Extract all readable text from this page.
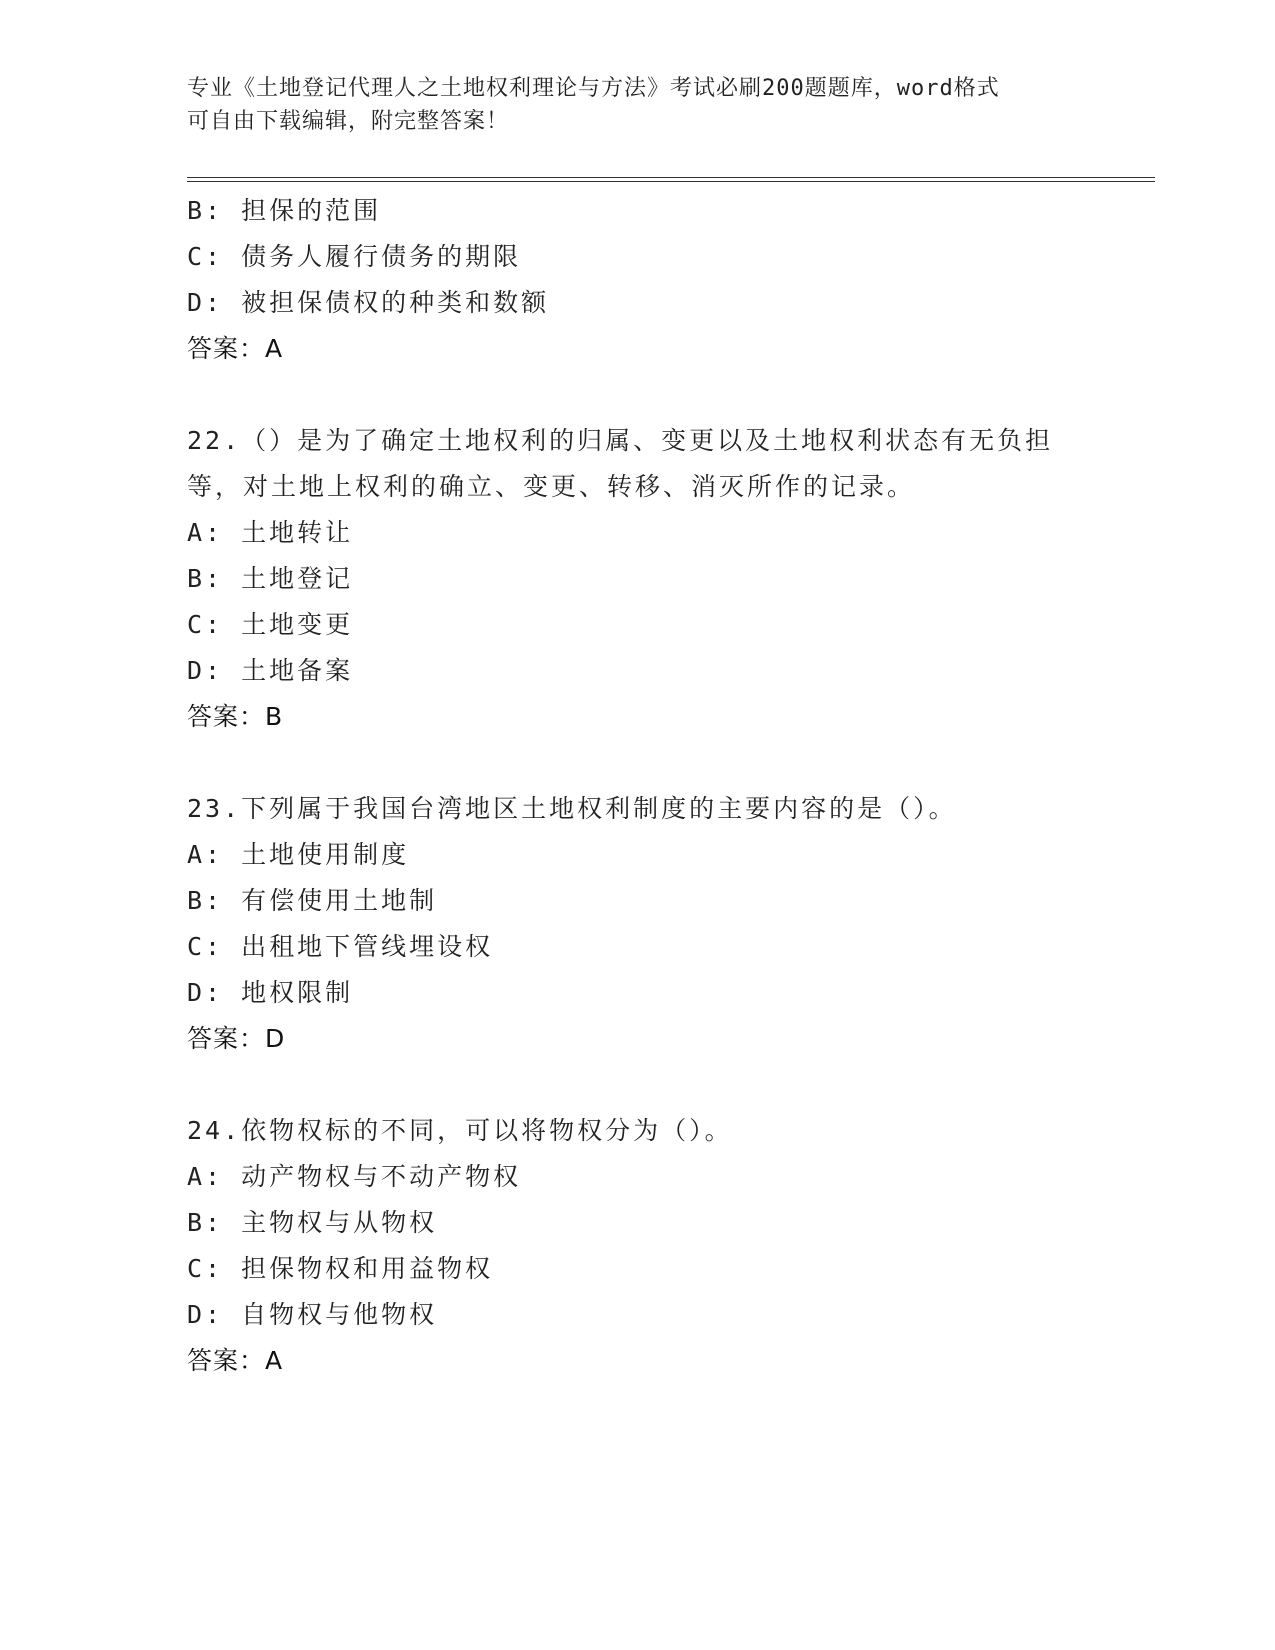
专业《土地登记代理人之土地权利理论与方法》考试必刷200题题库，word格式
可自由下载编辑，附完整答案！
B: 担保的范围
C: 债务人履行债务的期限
D: 被担保债权的种类和数额
答案：A
22.（）是为了确定土地权利的归属、变更以及土地权利状态有无负担
等，对土地上权利的确立、变更、转移、消灭所作的记录。
A: 土地转让
B: 土地登记
C: 土地变更
D: 土地备案
答案：B
23.下列属于我国台湾地区土地权利制度的主要内容的是（）。
A: 土地使用制度
B: 有偿使用土地制
C: 出租地下管线埋设权
D: 地权限制
答案：D
24.依物权标的不同，可以将物权分为（）。
A: 动产物权与不动产物权
B: 主物权与从物权
C: 担保物权和用益物权
D: 自物权与他物权
答案：A
